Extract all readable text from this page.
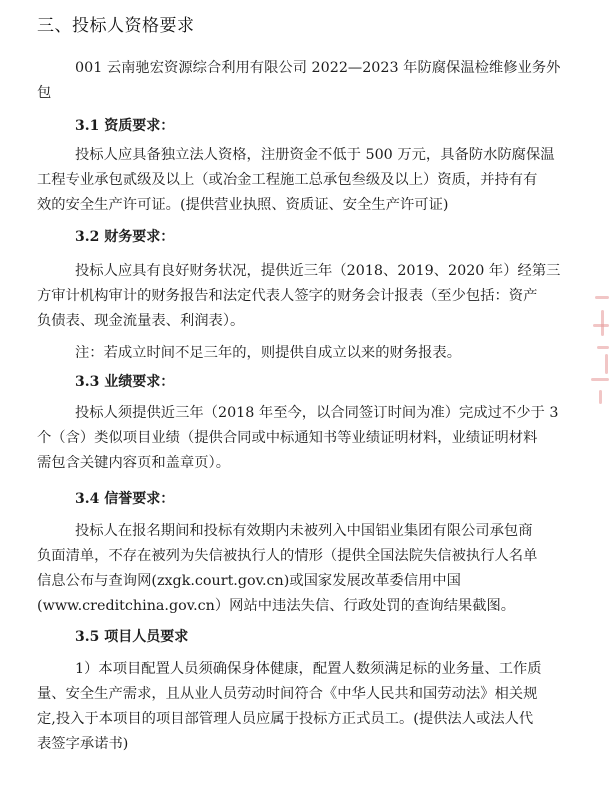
三、投标人资格要求
001 云南驰宏资源综合利用有限公司 2022—2023 年防腐保温检维修业务外
包
3.1 资质要求：
投标人应具备独立法人资格，注册资金不低于 500 万元，具备防水防腐保温
工程专业承包贰级及以上（或冶金工程施工总承包叁级及以上）资质，并持有有
效的安全生产许可证。(提供营业执照、资质证、安全生产许可证)
3.2 财务要求：
投标人应具有良好财务状况，提供近三年（2018、2019、2020 年）经第三
方审计机构审计的财务报告和法定代表人签字的财务会计报表（至少包括：资产
负债表、现金流量表、利润表）。
注：若成立时间不足三年的，则提供自成立以来的财务报表。
3.3 业绩要求：
投标人须提供近三年（2018 年至今，以合同签订时间为准）完成过不少于 3
个（含）类似项目业绩（提供合同或中标通知书等业绩证明材料，业绩证明材料
需包含关键内容页和盖章页）。
3.4 信誉要求：
投标人在报名期间和投标有效期内未被列入中国铝业集团有限公司承包商
负面清单，不存在被列为失信被执行人的情形（提供全国法院失信被执行人名单
信息公布与查询网(zxgk.court.gov.cn)或国家发展改革委信用中国
(www.creditchina.gov.cn）网站中违法失信、行政处罚的查询结果截图。
3.5 项目人员要求
1）本项目配置人员须确保身体健康，配置人数须满足标的业务量、工作质
量、安全生产需求，且从业人员劳动时间符合《中华人民共和国劳动法》相关规
定,投入于本项目的项目部管理人员应属于投标方正式员工。(提供法人或法人代
表签字承诺书)
